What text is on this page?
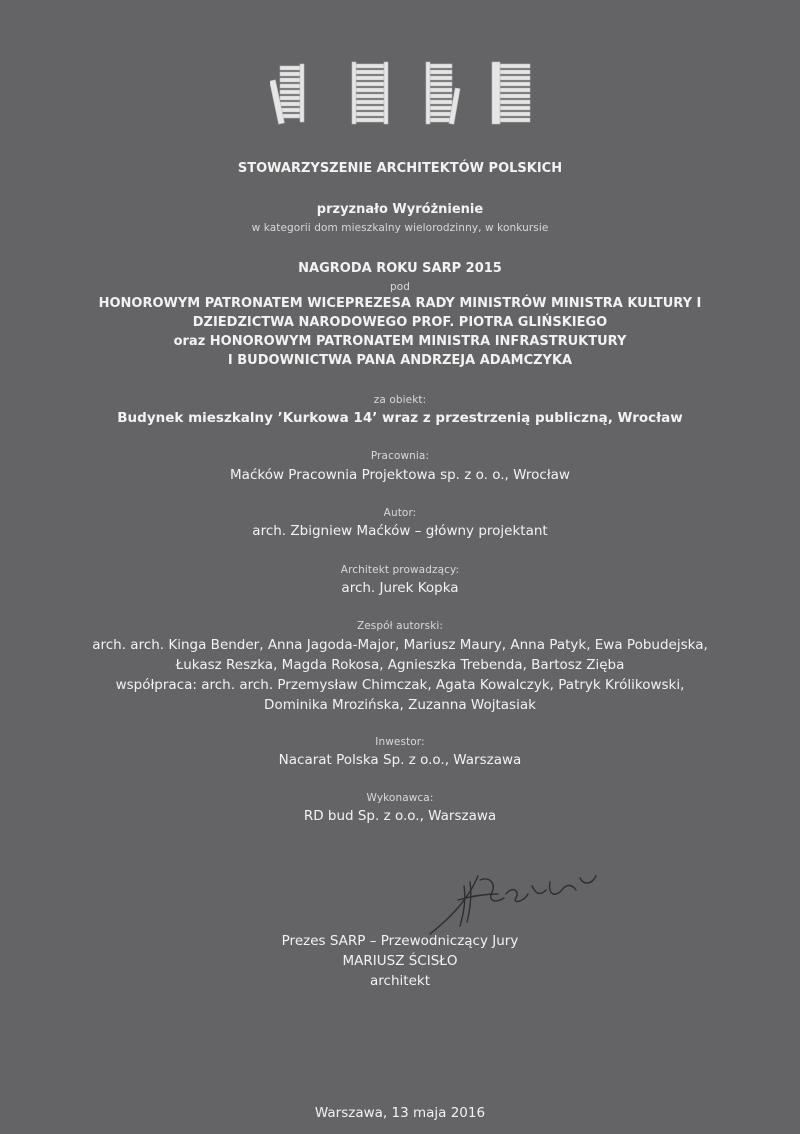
STOWARZYSZENIE ARCHITEKTÓW POLSKICH
przyznało Wyróżnienie
w kategorii dom mieszkalny wielorodzinny, w konkursie
NAGRODA ROKU SARP 2015
pod
HONOROWYM PATRONATEM WICEPREZESA RADY MINISTRÓW MINISTRA KULTURY I
DZIEDZICTWA NARODOWEGO PROF. PIOTRA GLIŃSKIEGO
oraz HONOROWYM PATRONATEM MINISTRA INFRASTRUKTURY
I BUDOWNICTWA PANA ANDRZEJA ADAMCZYKA
za obiekt:
Budynek mieszkalny ’Kurkowa 14’ wraz z przestrzenią publiczną, Wrocław
Pracownia:
Maćków Pracownia Projektowa sp. z o. o., Wrocław
Autor:
arch. Zbigniew Maćków – główny projektant
Architekt prowadzący:
arch. Jurek Kopka
Zespół autorski:
arch. arch. Kinga Bender, Anna Jagoda-Major, Mariusz Maury, Anna Patyk, Ewa Pobudejska,
Łukasz Reszka, Magda Rokosa, Agnieszka Trebenda, Bartosz Zięba
współpraca: arch. arch. Przemysław Chimczak, Agata Kowalczyk, Patryk Królikowski,
Dominika Mrozińska, Zuzanna Wojtasiak
Inwestor:
Nacarat Polska Sp. z o.o., Warszawa
Wykonawca:
RD bud Sp. z o.o., Warszawa
Prezes SARP – Przewodniczący Jury
MARIUSZ ŚCISŁO
architekt
Warszawa, 13 maja 2016
